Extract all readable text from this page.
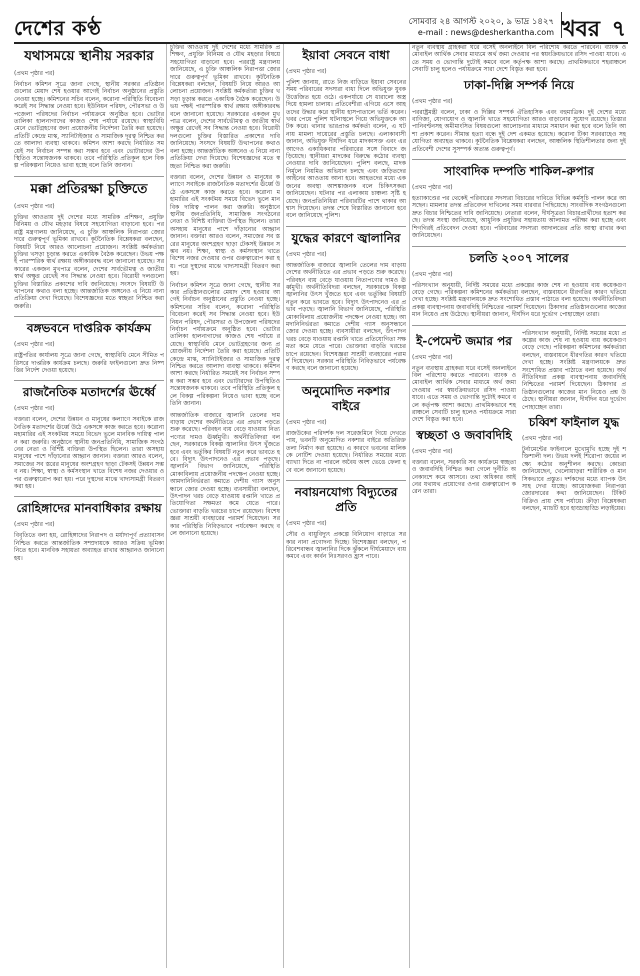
দেশের কণ্ঠ	সোমবার ২৪ আগস্ট ২০২০, ৯ ভাদ্র ১৪২৭
e-mail : news@desherkantha.com খবর ৭
যথাসময়ে স্থানীয় সরকার
(প্রথম পৃষ্ঠার পর)

নির্বাচন কমিশন সূত্রে জানা গেছে, স্থানীয় সরকার প্রতিষ্ঠানগুলোর মেয়াদ শেষ হওয়ার আগেই নির্বাচন অনুষ্ঠানের প্রস্তুতি নেওয়া হচ্ছে। কমিশনের সচিব বলেন, করোনা পরিস্থিতি বিবেচনা করেই সব সিদ্ধান্ত নেওয়া হবে। ইউনিয়ন পরিষদ, পৌরসভা ও উপজেলা পরিষদের নির্বাচন পর্যায়ক্রমে অনুষ্ঠিত হবে। ভোটার তালিকা হালনাগাদের কাজও শেষ পর্যায়ে রয়েছে। স্বাস্থ্যবিধি মেনে ভোটগ্রহণের জন্য প্রয়োজনীয় নির্দেশনা তৈরি করা হয়েছে। প্রতিটি কেন্দ্রে মাস্ক, স্যানিটাইজার ও সামাজিক দূরত্ব নিশ্চিত করতে আলাদা ব্যবস্থা থাকবে। কমিশন আশা করছে নির্ধারিত সময়েই সব নির্বাচন সম্পন্ন করা সম্ভব হবে এবং ভোটারদের উপস্থিতিও সন্তোষজনক থাকবে। তবে পরিস্থিতি প্রতিকূল হলে বিকল্প পরিকল্পনা নিয়েও ভাবা হচ্ছে বলে তিনি জানান।

মক্কা প্রতিরক্ষা চুক্তিতে
(প্রথম পৃষ্ঠার পর)

চুক্তির আওতায় দুই দেশের মধ্যে সামরিক প্রশিক্ষণ, প্রযুক্তি বিনিময় ও যৌথ মহড়ার বিষয়ে সহযোগিতা বাড়ানো হবে। পররাষ্ট্র মন্ত্রণালয় জানিয়েছে, এ চুক্তি আঞ্চলিক নিরাপত্তা জোরদারে গুরুত্বপূর্ণ ভূমিকা রাখবে। কূটনৈতিক বিশ্লেষকরা বলছেন, বিষয়টি নিয়ে আরও আলোচনা প্রয়োজন। সংশ্লিষ্ট কর্মকর্তারা চুক্তির খসড়া চূড়ান্ত করতে একাধিক বৈঠক করেছেন। উভয় পক্ষই পারস্পরিক স্বার্থ রক্ষায় অঙ্গীকারবদ্ধ বলে জানানো হয়েছে। সরকারের একজন মুখপাত্র বলেন, দেশের সার্বভৌমত্ব ও জাতীয় স্বার্থ অক্ষুণ্ণ রেখেই সব সিদ্ধান্ত নেওয়া হবে। বিরোধী দলগুলো চুক্তির বিস্তারিত প্রকাশের দাবি জানিয়েছে। সংসদে বিষয়টি উত্থাপনের কথাও বলা হচ্ছে। আন্তর্জাতিক অঙ্গনেও এ নিয়ে নানা প্রতিক্রিয়া দেখা দিয়েছে। বিশেষজ্ঞদের মতে স্বচ্ছতা নিশ্চিত করা জরুরি।

বঙ্গভবনে দাপ্তরিক কার্যক্রম
(প্রথম পৃষ্ঠার পর)

রাষ্ট্রপতির কার্যালয় সূত্রে জানা গেছে, স্বাস্থ্যবিধি মেনে সীমিত পরিসরে দাপ্তরিক কার্যক্রম চলছে। জরুরি ফাইলগুলো দ্রুত নিষ্পত্তির নির্দেশ দেওয়া হয়েছে।

রাজনৈতিক মতাদর্শের ঊর্ধ্বে
(প্রথম পৃষ্ঠার পর)

বক্তারা বলেন, দেশের উন্নয়ন ও মানুষের কল্যাণে সবাইকে রাজনৈতিক মতাদর্শের ঊর্ধ্বে উঠে একসঙ্গে কাজ করতে হবে। করোনা মহামারির এই সংকটময় সময়ে বিভেদ ভুলে মানবিক দায়িত্ব পালন করা জরুরি। অনুষ্ঠানে স্থানীয় জনপ্রতিনিধি, সামাজিক সংগঠনের নেতা ও বিশিষ্ট ব্যক্তিরা উপস্থিত ছিলেন। তারা অসহায় মানুষের পাশে দাঁড়ানোর আহ্বান জানান। বক্তারা আরও বলেন, সমাজের সব স্তরের মানুষের অংশগ্রহণ ছাড়া টেকসই উন্নয়ন সম্ভব নয়। শিক্ষা, স্বাস্থ্য ও কর্মসংস্থান খাতে বিশেষ নজর দেওয়ার ওপর গুরুত্বারোপ করা হয়। পরে দুস্থদের মাঝে খাদ্যসামগ্রী বিতরণ করা হয়।

রোহিঙ্গাদের মানবাধিকার রক্ষায়
(প্রথম পৃষ্ঠার পর)

বিবৃতিতে বলা হয়, রোহিঙ্গাদের নিরাপদ ও মর্যাদাপূর্ণ প্রত্যাবাসন নিশ্চিত করতে আন্তর্জাতিক সম্প্রদায়কে আরও সক্রিয় ভূমিকা নিতে হবে। মানবিক সহায়তা অব্যাহত রাখার আহ্বানও জানানো হয়।

চুক্তির আওতায় দুই দেশের মধ্যে সামরিক প্রশিক্ষণ, প্রযুক্তি বিনিময় ও যৌথ মহড়ার বিষয়ে সহযোগিতা বাড়ানো হবে। পররাষ্ট্র মন্ত্রণালয় জানিয়েছে, এ চুক্তি আঞ্চলিক নিরাপত্তা জোরদারে গুরুত্বপূর্ণ ভূমিকা রাখবে। কূটনৈতিক বিশ্লেষকরা বলছেন, বিষয়টি নিয়ে আরও আলোচনা প্রয়োজন। সংশ্লিষ্ট কর্মকর্তারা চুক্তির খসড়া চূড়ান্ত করতে একাধিক বৈঠক করেছেন। উভয় পক্ষই পারস্পরিক স্বার্থ রক্ষায় অঙ্গীকারবদ্ধ বলে জানানো হয়েছে। সরকারের একজন মুখপাত্র বলেন, দেশের সার্বভৌমত্ব ও জাতীয় স্বার্থ অক্ষুণ্ণ রেখেই সব সিদ্ধান্ত নেওয়া হবে। বিরোধী দলগুলো চুক্তির বিস্তারিত প্রকাশের দাবি জানিয়েছে। সংসদে বিষয়টি উত্থাপনের কথাও বলা হচ্ছে। আন্তর্জাতিক অঙ্গনেও এ নিয়ে নানা প্রতিক্রিয়া দেখা দিয়েছে। বিশেষজ্ঞদের মতে স্বচ্ছতা নিশ্চিত করা জরুরি।

বক্তারা বলেন, দেশের উন্নয়ন ও মানুষের কল্যাণে সবাইকে রাজনৈতিক মতাদর্শের ঊর্ধ্বে উঠে একসঙ্গে কাজ করতে হবে। করোনা মহামারির এই সংকটময় সময়ে বিভেদ ভুলে মানবিক দায়িত্ব পালন করা জরুরি। অনুষ্ঠানে স্থানীয় জনপ্রতিনিধি, সামাজিক সংগঠনের নেতা ও বিশিষ্ট ব্যক্তিরা উপস্থিত ছিলেন। তারা অসহায় মানুষের পাশে দাঁড়ানোর আহ্বান জানান। বক্তারা আরও বলেন, সমাজের সব স্তরের মানুষের অংশগ্রহণ ছাড়া টেকসই উন্নয়ন সম্ভব নয়। শিক্ষা, স্বাস্থ্য ও কর্মসংস্থান খাতে বিশেষ নজর দেওয়ার ওপর গুরুত্বারোপ করা হয়। পরে দুস্থদের মাঝে খাদ্যসামগ্রী বিতরণ করা হয়।

নির্বাচন কমিশন সূত্রে জানা গেছে, স্থানীয় সরকার প্রতিষ্ঠানগুলোর মেয়াদ শেষ হওয়ার আগেই নির্বাচন অনুষ্ঠানের প্রস্তুতি নেওয়া হচ্ছে। কমিশনের সচিব বলেন, করোনা পরিস্থিতি বিবেচনা করেই সব সিদ্ধান্ত নেওয়া হবে। ইউনিয়ন পরিষদ, পৌরসভা ও উপজেলা পরিষদের নির্বাচন পর্যায়ক্রমে অনুষ্ঠিত হবে। ভোটার তালিকা হালনাগাদের কাজও শেষ পর্যায়ে রয়েছে। স্বাস্থ্যবিধি মেনে ভোটগ্রহণের জন্য প্রয়োজনীয় নির্দেশনা তৈরি করা হয়েছে। প্রতিটি কেন্দ্রে মাস্ক, স্যানিটাইজার ও সামাজিক দূরত্ব নিশ্চিত করতে আলাদা ব্যবস্থা থাকবে। কমিশন আশা করছে নির্ধারিত সময়েই সব নির্বাচন সম্পন্ন করা সম্ভব হবে এবং ভোটারদের উপস্থিতিও সন্তোষজনক থাকবে। তবে পরিস্থিতি প্রতিকূল হলে বিকল্প পরিকল্পনা নিয়েও ভাবা হচ্ছে বলে তিনি জানান।

আন্তর্জাতিক বাজারে জ্বালানি তেলের দাম বাড়ায় দেশের অর্থনীতিতে এর প্রভাব পড়তে শুরু করেছে। পরিবহন ব্যয় বেড়ে যাওয়ায় নিত্যপণ্যের দামও ঊর্ধ্বমুখী। অর্থনীতিবিদরা বলছেন, সরকারকে বিকল্প জ্বালানির উৎস খুঁজতে হবে এবং ভর্তুকির বিষয়টি নতুন করে ভাবতে হবে। বিদ্যুৎ উৎপাদনেও এর প্রভাব পড়ছে। জ্বালানি বিভাগ জানিয়েছে, পরিস্থিতি মোকাবিলায় প্রয়োজনীয় পদক্ষেপ নেওয়া হচ্ছে। আমদানিনির্ভরতা কমাতে দেশীয় গ্যাস অনুসন্ধানে জোর দেওয়া হচ্ছে। ব্যবসায়ীরা বলছেন, উৎপাদন খরচ বেড়ে যাওয়ায় রপ্তানি খাতে প্রতিযোগিতা সক্ষমতা কমে যেতে পারে। ভোক্তারা বাড়তি খরচের চাপে রয়েছেন। বিশেষজ্ঞরা সাশ্রয়ী ব্যবহারের পরামর্শ দিয়েছেন। সরকার পরিস্থিতি নিবিড়ভাবে পর্যবেক্ষণ করছে বলে জানানো হয়েছে।

ইয়াবা সেবনে বাধা
(প্রথম পৃষ্ঠার পর)

পুলিশ জানায়, রাতে নিজ বাড়িতে ইয়াবা সেবনের সময় পরিবারের সদস্যরা বাধা দিলে অভিযুক্ত যুবক উত্তেজিত হয়ে ওঠে। একপর্যায়ে সে ধারালো অস্ত্র দিয়ে হামলা চালায়। প্রতিবেশীরা এগিয়ে এসে আহতদের উদ্ধার করে স্থানীয় হাসপাতালে ভর্তি করেন। খবর পেয়ে পুলিশ ঘটনাস্থলে গিয়ে অভিযুক্তকে আটক করে। থানার ভারপ্রাপ্ত কর্মকর্তা বলেন, এ ঘটনায় মামলা দায়েরের প্রস্তুতি চলছে। এলাকাবাসী জানান, অভিযুক্ত দীর্ঘদিন ধরে মাদকাসক্ত এবং এর আগেও একাধিকবার পরিবারের সঙ্গে বিবাদে জড়িয়েছে। স্থানীয়রা মাদকের বিরুদ্ধে কঠোর ব্যবস্থা নেওয়ার দাবি জানিয়েছেন। পুলিশ বলছে, মাদক নির্মূলে নিয়মিত অভিযান চলছে এবং জড়িতদের আইনের আওতায় আনা হবে। আহতদের মধ্যে একজনের অবস্থা আশঙ্কাজনক বলে চিকিৎসকরা জানিয়েছেন। ঘটনার পর এলাকায় চাঞ্চল্য সৃষ্টি হয়েছে। জনপ্রতিনিধিরা পরিবারটির পাশে থাকার আশ্বাস দিয়েছেন। তদন্ত শেষে বিস্তারিত জানানো হবে বলে জানিয়েছে পুলিশ।

যুদ্ধের কারণে জ্বালানির
(প্রথম পৃষ্ঠার পর)

আন্তর্জাতিক বাজারে জ্বালানি তেলের দাম বাড়ায় দেশের অর্থনীতিতে এর প্রভাব পড়তে শুরু করেছে। পরিবহন ব্যয় বেড়ে যাওয়ায় নিত্যপণ্যের দামও ঊর্ধ্বমুখী। অর্থনীতিবিদরা বলছেন, সরকারকে বিকল্প জ্বালানির উৎস খুঁজতে হবে এবং ভর্তুকির বিষয়টি নতুন করে ভাবতে হবে। বিদ্যুৎ উৎপাদনেও এর প্রভাব পড়ছে। জ্বালানি বিভাগ জানিয়েছে, পরিস্থিতি মোকাবিলায় প্রয়োজনীয় পদক্ষেপ নেওয়া হচ্ছে। আমদানিনির্ভরতা কমাতে দেশীয় গ্যাস অনুসন্ধানে জোর দেওয়া হচ্ছে। ব্যবসায়ীরা বলছেন, উৎপাদন খরচ বেড়ে যাওয়ায় রপ্তানি খাতে প্রতিযোগিতা সক্ষমতা কমে যেতে পারে। ভোক্তারা বাড়তি খরচের চাপে রয়েছেন। বিশেষজ্ঞরা সাশ্রয়ী ব্যবহারের পরামর্শ দিয়েছেন। সরকার পরিস্থিতি নিবিড়ভাবে পর্যবেক্ষণ করছে বলে জানানো হয়েছে।

অনুমোদিত নকশার বাইরে
(প্রথম পৃষ্ঠার পর)

রাজউকের পরিদর্শক দল সরেজমিনে গিয়ে দেখতে পায়, ভবনটি অনুমোদিত নকশার বাইরে অতিরিক্ত তলা নির্মাণ করা হয়েছে। এ কারণে ভবনের মালিককে নোটিশ দেওয়া হয়েছে। নির্ধারিত সময়ের মধ্যে ব্যাখ্যা দিতে না পারলে অবৈধ অংশ ভেঙে ফেলা হবে বলে জানানো হয়েছে।

নবায়নযোগ্য বিদ্যুতের প্রতি
(প্রথম পৃষ্ঠার পর)

সৌর ও বায়ুবিদ্যুৎ প্রকল্পে বিনিয়োগ বাড়াতে সরকার নানা প্রণোদনা দিচ্ছে। বিশেষজ্ঞরা বলছেন, পরিবেশবান্ধব জ্বালানির দিকে ঝুঁকলে দীর্ঘমেয়াদে ব্যয় কমবে এবং কার্বন নিঃসরণও হ্রাস পাবে।

নতুন ব্যবস্থায় গ্রাহকরা ঘরে বসেই অনলাইনে বিল পরিশোধ করতে পারবেন। ব্যাংক ও মোবাইল আর্থিক সেবার মাধ্যমে অর্থ জমা দেওয়ার পর স্বয়ংক্রিয়ভাবে রসিদ পাওয়া যাবে। এতে সময় ও ভোগান্তি দুটোই কমবে বলে কর্তৃপক্ষ আশা করছে। প্রাথমিকভাবে শহরাঞ্চলে সেবাটি চালু হলেও পর্যায়ক্রমে সারা দেশে বিস্তৃত করা হবে।

ঢাকা-দিল্লি সম্পর্ক নিয়ে
(প্রথম পৃষ্ঠার পর)

পররাষ্ট্রমন্ত্রী বলেন, ঢাকা ও দিল্লির সম্পর্ক ঐতিহাসিক এবং বহুমাত্রিক। দুই দেশের মধ্যে বাণিজ্য, যোগাযোগ ও জ্বালানি খাতে সহযোগিতা আরও বাড়ানোর সুযোগ রয়েছে। তিস্তার পানিবণ্টনসহ অমীমাংসিত বিষয়গুলো আলোচনার মাধ্যমে সমাধান করা হবে বলে তিনি আশা প্রকাশ করেন। সীমান্ত হত্যা বন্ধে দুই দেশ একমত হয়েছে। করোনা টিকা সরবরাহেও সহযোগিতা অব্যাহত থাকবে। কূটনৈতিক বিশ্লেষকরা বলছেন, আঞ্চলিক স্থিতিশীলতার জন্য দুই প্রতিবেশী দেশের সুসম্পর্ক অত্যন্ত গুরুত্বপূর্ণ।

সাংবাদিক দম্পতি শাকিল-রুপার
(প্রথম পৃষ্ঠার পর)

হত্যাকাণ্ডের পর থেকেই পরিবারের সদস্যরা বিচারের দাবিতে বিভিন্ন কর্মসূচি পালন করে আসছেন। মামলার তদন্ত প্রতিবেদন দাখিলের সময় বারবার পিছিয়েছে। সাংবাদিক সংগঠনগুলো দ্রুত বিচার নিশ্চিতের দাবি জানিয়েছে। নেতারা বলেন, দীর্ঘসূত্রতা বিচারপ্রার্থীদের হতাশ করছে। তদন্ত সংস্থা জানিয়েছে, আধুনিক প্রযুক্তির সহায়তায় আলামত পরীক্ষা করা হচ্ছে এবং শিগগিরই প্রতিবেদন দেওয়া হবে। পরিবারের সদস্যরা আদালতের প্রতি আস্থা রাখার কথা জানিয়েছেন।

চলতি ২০০৭ সালের
(প্রথম পৃষ্ঠার পর)

পরিসংখ্যান অনুযায়ী, নির্দিষ্ট সময়ের মধ্যে প্রকল্পের কাজ শেষ না হওয়ায় ব্যয় কয়েকগুণ বেড়ে গেছে। পরিকল্পনা কমিশনের কর্মকর্তারা বলছেন, বাস্তবায়নে ধীরগতির কারণ খতিয়ে দেখা হচ্ছে। সংশ্লিষ্ট মন্ত্রণালয়কে দ্রুত সংশোধিত প্রস্তাব পাঠাতে বলা হয়েছে। অর্থনীতিবিদরা প্রকল্প ব্যবস্থাপনায় জবাবদিহি নিশ্চিতের পরামর্শ দিয়েছেন। ঠিকাদার প্রতিষ্ঠানগুলোর কাজের মান নিয়েও প্রশ্ন উঠেছে। স্থানীয়রা জানান, দীর্ঘদিন ধরে দুর্ভোগ পোহাচ্ছেন তারা।

ই-পেমেন্ট জমার পর
(প্রথম পৃষ্ঠার পর)

নতুন ব্যবস্থায় গ্রাহকরা ঘরে বসেই অনলাইনে বিল পরিশোধ করতে পারবেন। ব্যাংক ও মোবাইল আর্থিক সেবার মাধ্যমে অর্থ জমা দেওয়ার পর স্বয়ংক্রিয়ভাবে রসিদ পাওয়া যাবে। এতে সময় ও ভোগান্তি দুটোই কমবে বলে কর্তৃপক্ষ আশা করছে। প্রাথমিকভাবে শহরাঞ্চলে সেবাটি চালু হলেও পর্যায়ক্রমে সারা দেশে বিস্তৃত করা হবে।

স্বচ্ছতা ও জবাবদিহি
(প্রথম পৃষ্ঠার পর)

বক্তারা বলেন, সরকারি সব কার্যক্রমে স্বচ্ছতা ও জবাবদিহি নিশ্চিত করা গেলে দুর্নীতি অনেকাংশে কমে আসবে। তথ্য অধিকার আইনের যথাযথ প্রয়োগের ওপর গুরুত্বারোপ করেন তারা।

পরিসংখ্যান অনুযায়ী, নির্দিষ্ট সময়ের মধ্যে প্রকল্পের কাজ শেষ না হওয়ায় ব্যয় কয়েকগুণ বেড়ে গেছে। পরিকল্পনা কমিশনের কর্মকর্তারা বলছেন, বাস্তবায়নে ধীরগতির কারণ খতিয়ে দেখা হচ্ছে। সংশ্লিষ্ট মন্ত্রণালয়কে দ্রুত সংশোধিত প্রস্তাব পাঠাতে বলা হয়েছে। অর্থনীতিবিদরা প্রকল্প ব্যবস্থাপনায় জবাবদিহি নিশ্চিতের পরামর্শ দিয়েছেন। ঠিকাদার প্রতিষ্ঠানগুলোর কাজের মান নিয়েও প্রশ্ন উঠেছে। স্থানীয়রা জানান, দীর্ঘদিন ধরে দুর্ভোগ পোহাচ্ছেন তারা।

চব্বিশ ফাইনাল যুদ্ধ
(প্রথম পৃষ্ঠার পর)

টুর্নামেন্টের ফাইনালে মুখোমুখি হচ্ছে দুই শক্তিশালী দল। উভয় দলই শিরোপা জয়ের লক্ষ্যে কঠোর অনুশীলন করছে। কোচরা জানিয়েছেন, খেলোয়াড়রা শারীরিক ও মানসিকভাবে প্রস্তুত। দর্শকদের মধ্যে ব্যাপক উৎসাহ দেখা যাচ্ছে। আয়োজকরা নিরাপত্তা জোরদারের কথা জানিয়েছেন। টিকিট বিক্রিও প্রায় শেষ পর্যায়ে। ক্রীড়া বিশ্লেষকরা বলছেন, ম্যাচটি হবে হাড্ডাহাড্ডি লড়াইয়ের।
